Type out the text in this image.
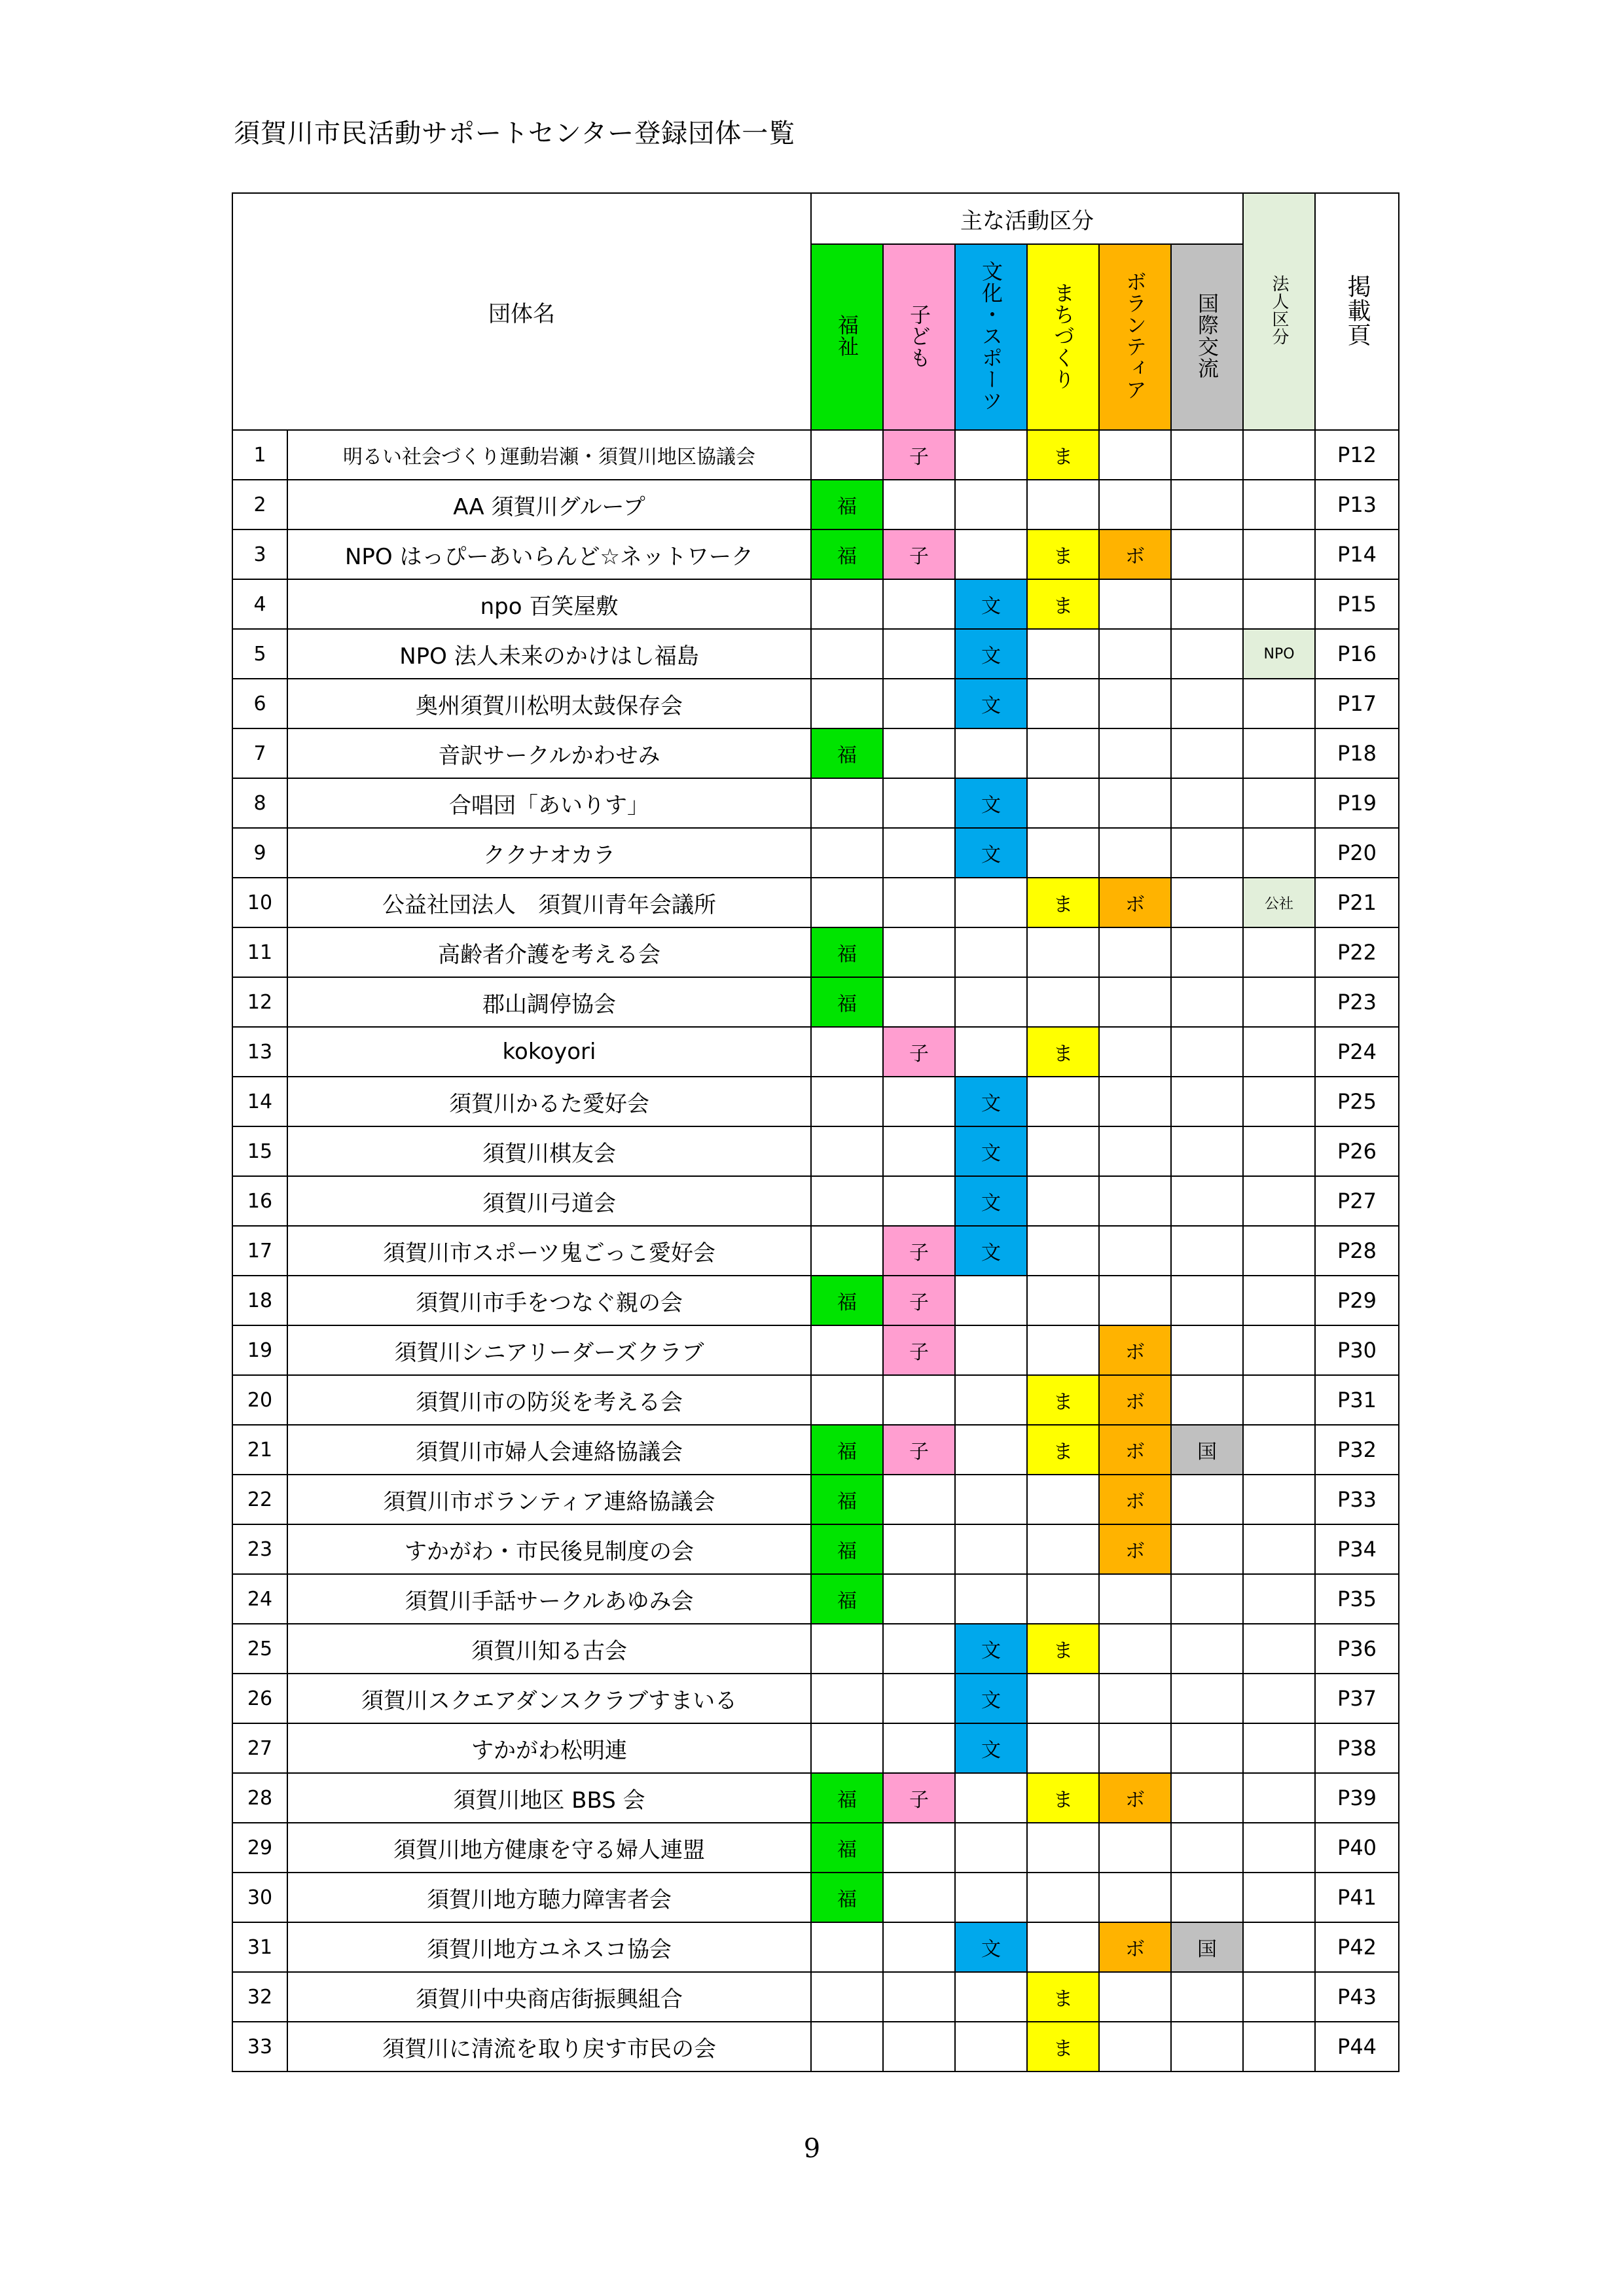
須賀川市民活動サポートセンター登録団体一覧
団体名		主な活動区分						法人区分	掲載頁
		福祉	子ども	文化・スポーツ	まちづくり	ボランティア	国際交流		
1	明るい社会づくり運動岩瀬・須賀川地区協議会		子		ま				P12
2	AA 須賀川グループ	福							P13
3	NPO はっぴーあいらんど☆ネットワーク	福	子		ま	ボ			P14
4	npo 百笑屋敷			文	ま				P15
5	NPO 法人未来のかけはし福島			文				NPO	P16
6	奥州須賀川松明太鼓保存会			文					P17
7	音訳サークルかわせみ	福							P18
8	合唱団「あいりす」			文					P19
9	ククナオカラ			文					P20
10	公益社団法人　須賀川青年会議所				ま	ボ		公社	P21
11	高齢者介護を考える会	福							P22
12	郡山調停協会	福							P23
13	kokoyori		子		ま				P24
14	須賀川かるた愛好会			文					P25
15	須賀川棋友会			文					P26
16	須賀川弓道会			文					P27
17	須賀川市スポーツ鬼ごっこ愛好会		子	文					P28
18	須賀川市手をつなぐ親の会	福	子						P29
19	須賀川シニアリーダーズクラブ		子			ボ			P30
20	須賀川市の防災を考える会				ま	ボ			P31
21	須賀川市婦人会連絡協議会	福	子		ま	ボ	国		P32
22	須賀川市ボランティア連絡協議会	福				ボ			P33
23	すかがわ・市民後見制度の会	福				ボ			P34
24	須賀川手話サークルあゆみ会	福							P35
25	須賀川知る古会			文	ま				P36
26	須賀川スクエアダンスクラブすまいる			文					P37
27	すかがわ松明連			文					P38
28	須賀川地区 BBS 会	福	子		ま	ボ			P39
29	須賀川地方健康を守る婦人連盟	福							P40
30	須賀川地方聴力障害者会	福							P41
31	須賀川地方ユネスコ協会			文		ボ	国		P42
32	須賀川中央商店街振興組合				ま				P43
33	須賀川に清流を取り戻す市民の会				ま				P44
9
